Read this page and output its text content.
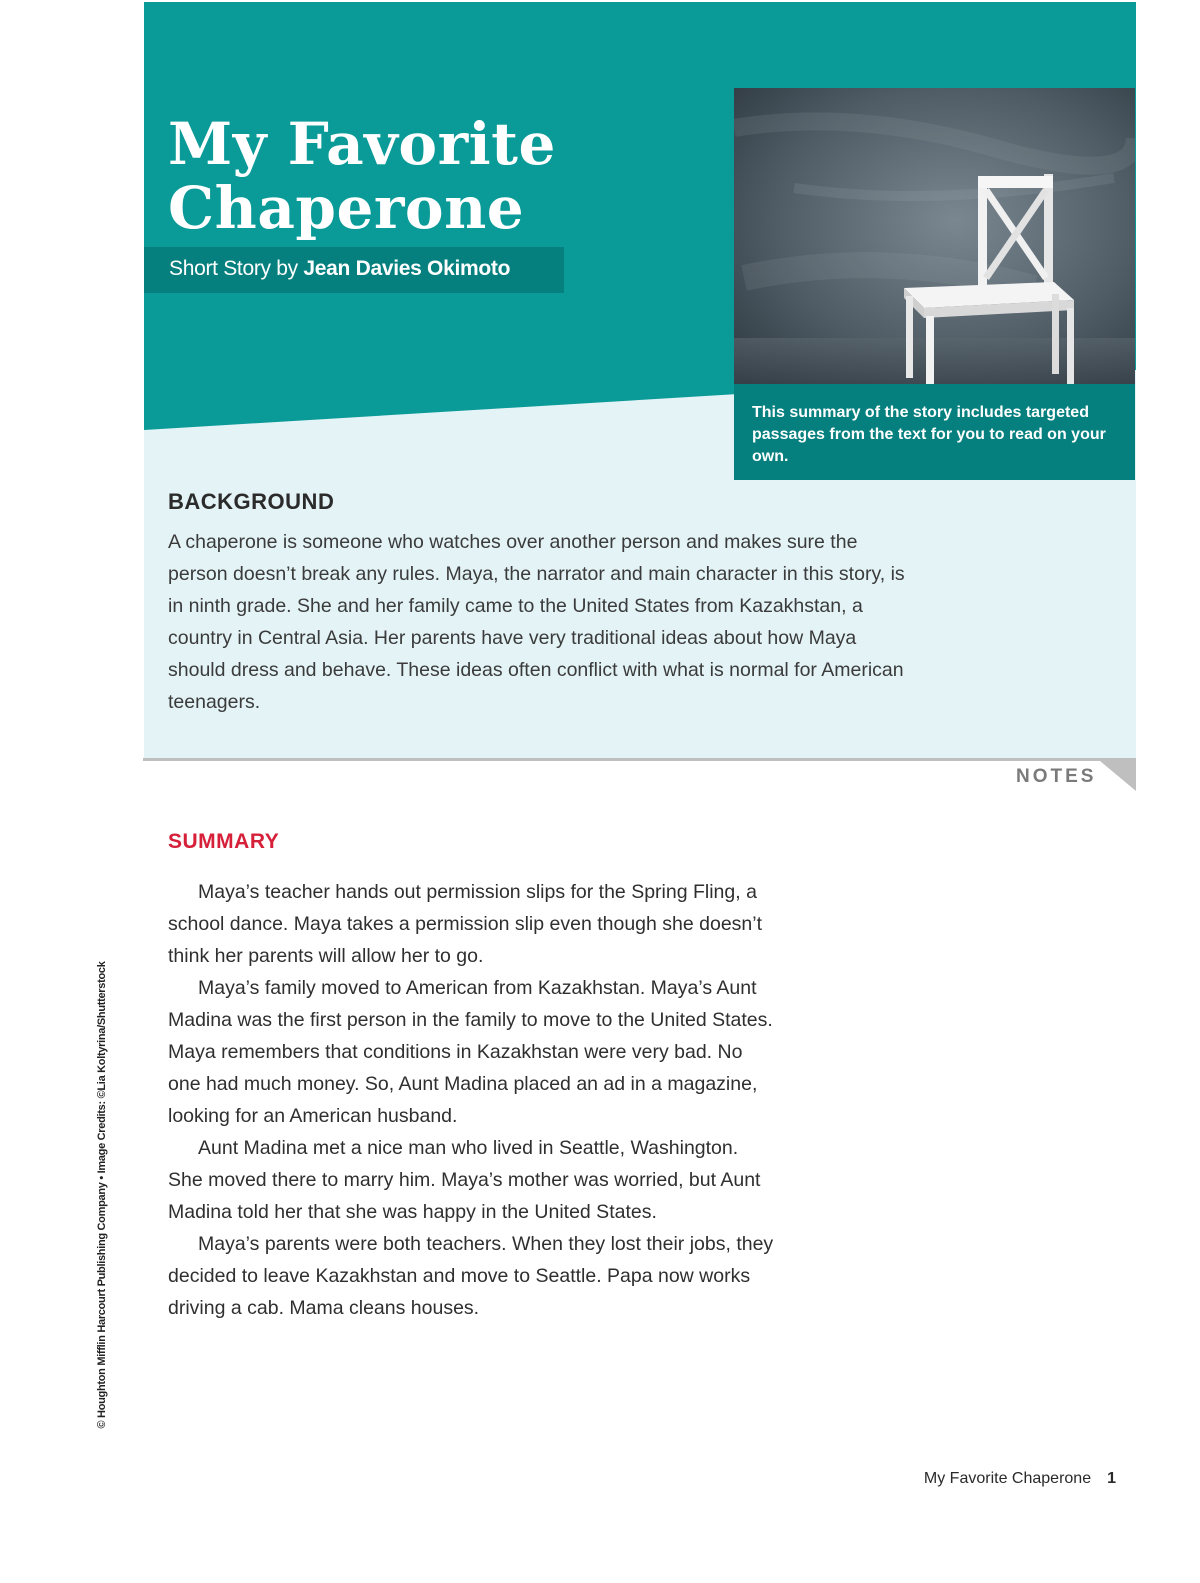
My Favorite
Chaperone
Short Story by Jean Davies Okimoto

This summary of the story includes targeted passages from the text for you to read on your own.

BACKGROUND

A chaperone is someone who watches over another person and makes sure the person doesn’t break any rules. Maya, the narrator and main character in this story, is in ninth grade. She and her family came to the United States from Kazakhstan, a country in Central Asia. Her parents have very traditional ideas about how Maya should dress and behave. These ideas often conflict with what is normal for American teenagers.

NOTES
SUMMARY

Maya’s teacher hands out permission slips for the Spring Fling, a school dance. Maya takes a permission slip even though she doesn’t think her parents will allow her to go.

Maya’s family moved to American from Kazakhstan. Maya’s Aunt Madina was the first person in the family to move to the United States. Maya remembers that conditions in Kazakhstan were very bad. No one had much money. So, Aunt Madina placed an ad in a magazine, looking for an American husband.

Aunt Madina met a nice man who lived in Seattle, Washington. She moved there to marry him. Maya’s mother was worried, but Aunt Madina told her that she was happy in the United States.

Maya’s parents were both teachers. When they lost their jobs, they decided to leave Kazakhstan and move to Seattle. Papa now works driving a cab. Mama cleans houses.

© Houghton Mifflin Harcourt Publishing Company • Image Credits: ©Lia Koltyrina/Shutterstock
My Favorite Chaperone 1
